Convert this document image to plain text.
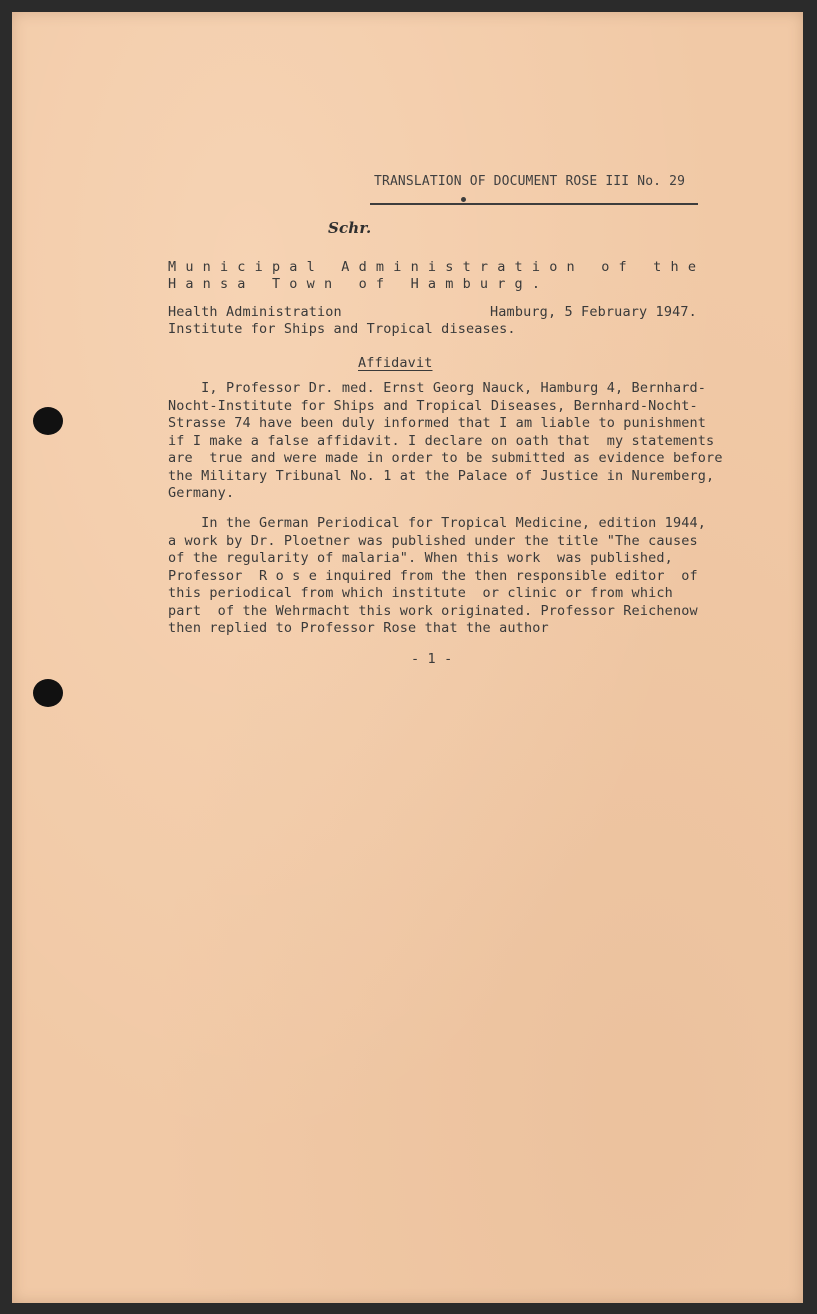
TRANSLATION OF DOCUMENT ROSE III No. 29
Schr.
Municipal Administration of the
Hansa Town of Hamburg.
Health Administration
Institute for Ships and Tropical diseases.
Hamburg, 5 February 1947.
Affidavit
I, Professor Dr. med. Ernst Georg Nauck, Hamburg 4, Bernhard-
Nocht-Institute for Ships and Tropical Diseases, Bernhard-Nocht-
Strasse 74 have been duly informed that I am liable to punishment
if I make a false affidavit. I declare on oath that  my statements
are  true and were made in order to be submitted as evidence before
the Military Tribunal No. 1 at the Palace of Justice in Nuremberg,
Germany.
In the German Periodical for Tropical Medicine, edition 1944,
a work by Dr. Ploetner was published under the title "The causes
of the regularity of malaria". When this work  was published,
Professor  R o s e inquired from the then responsible editor  of
this periodical from which institute  or clinic or from which
part  of the Wehrmacht this work originated. Professor Reichenow
then replied to Professor Rose that the author
- 1 -
